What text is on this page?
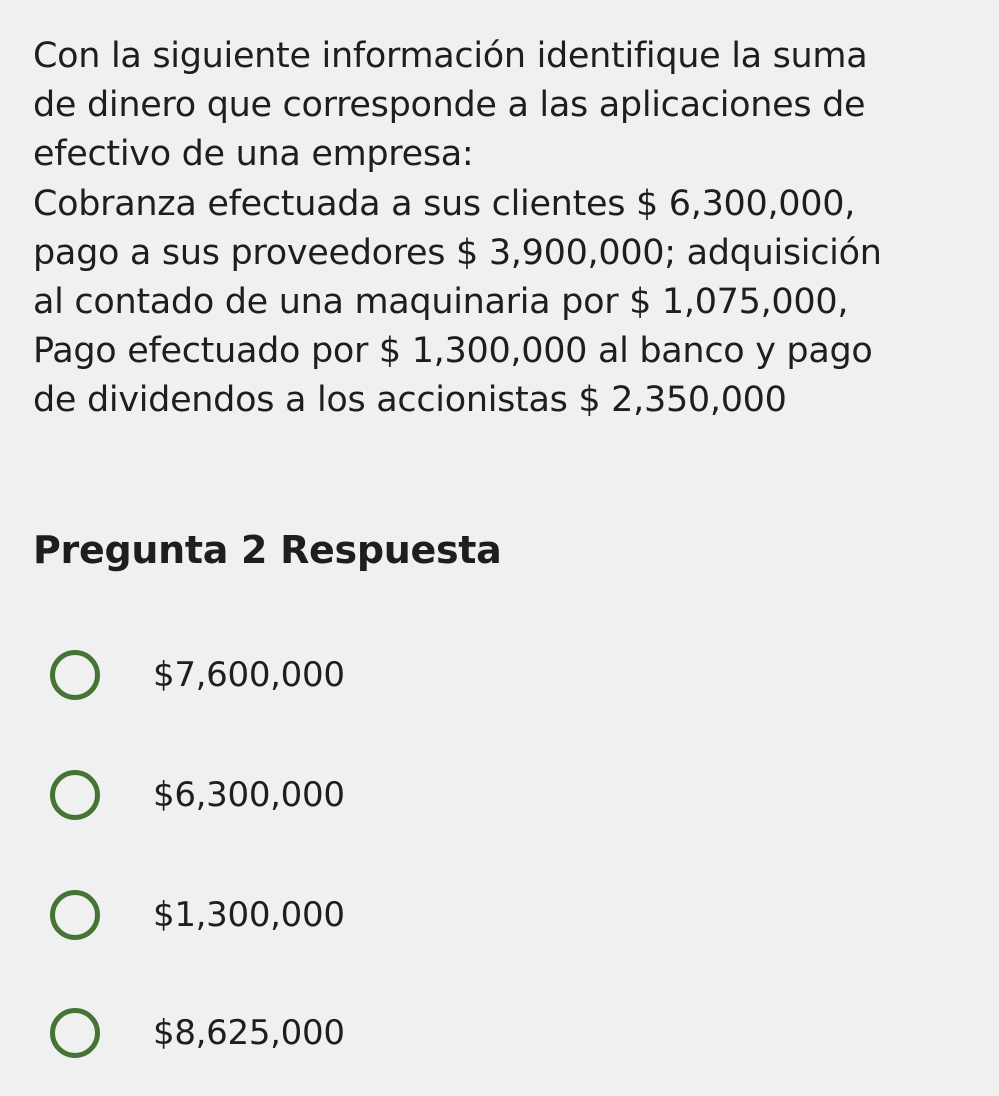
Con la siguiente información identifique la suma
de dinero que corresponde a las aplicaciones de
efectivo de una empresa:
Cobranza efectuada a sus clientes $ 6,300,000,
pago a sus proveedores $ 3,900,000; adquisición
al contado de una maquinaria por $ 1,075,000,
Pago efectuado por $ 1,300,000 al banco y pago
de dividendos a los accionistas $ 2,350,000
Pregunta 2 Respuesta
$7,600,000
$6,300,000
$1,300,000
$8,625,000
